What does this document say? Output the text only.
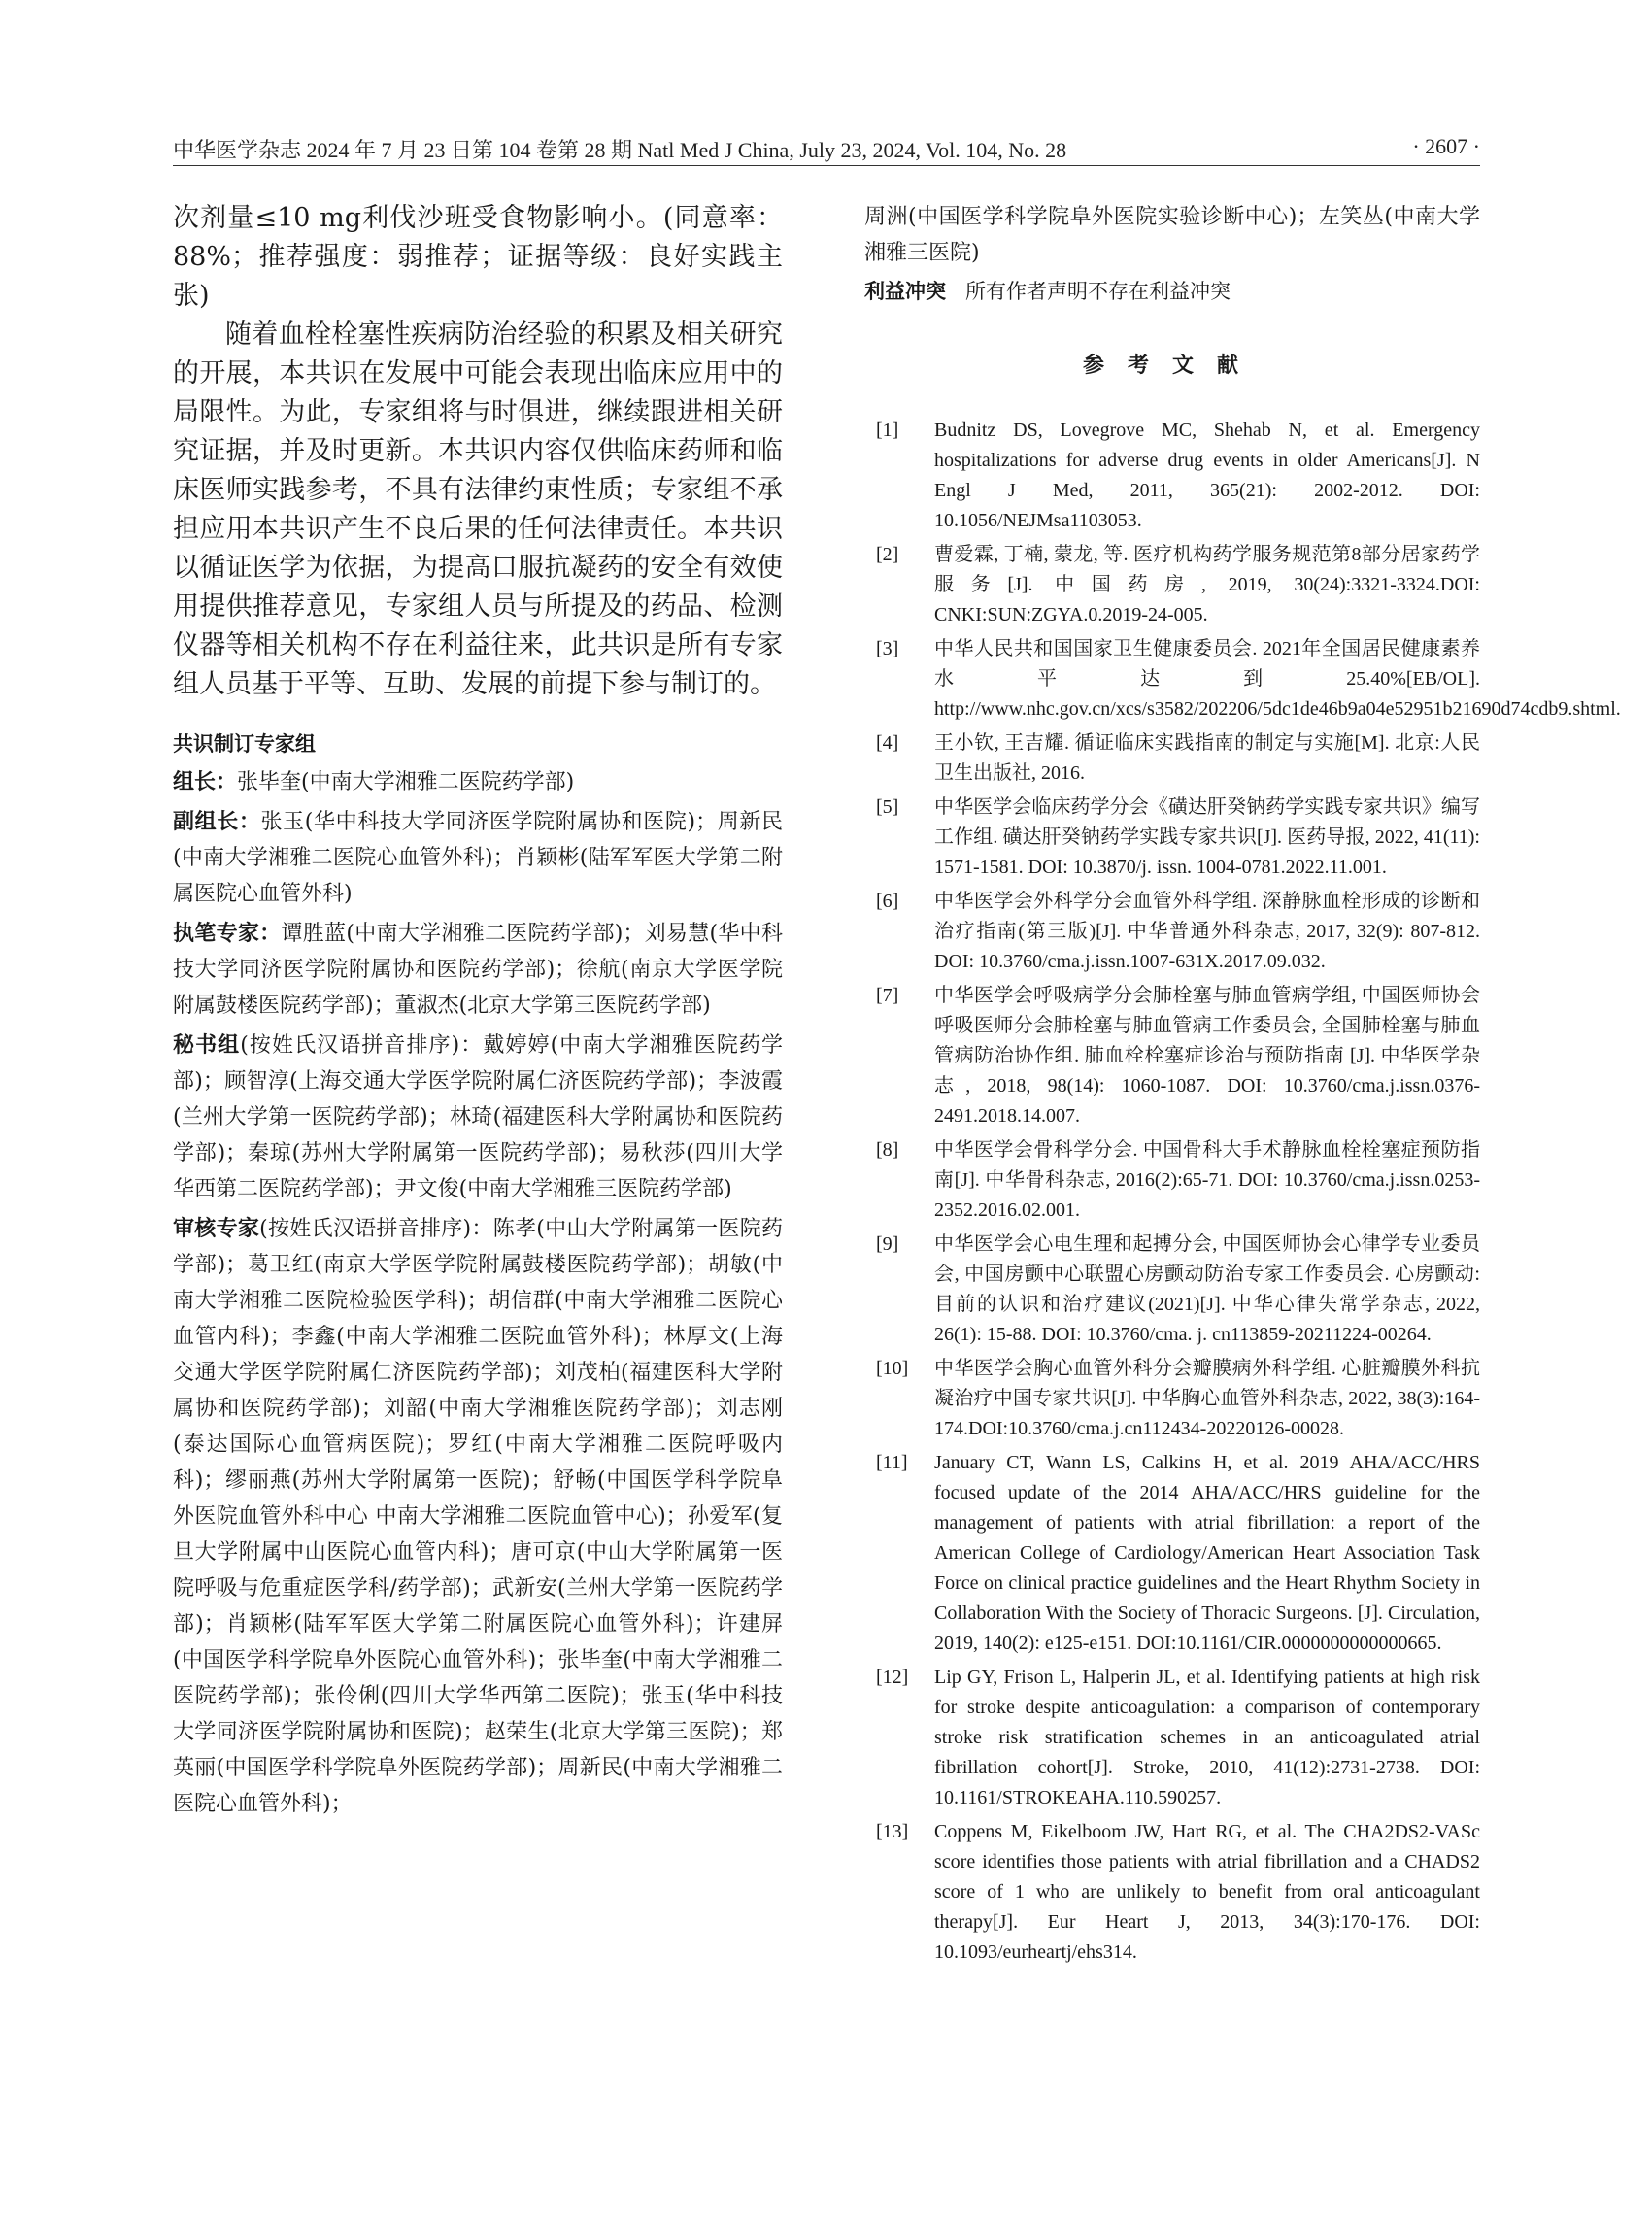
中华医学杂志 2024 年 7 月 23 日第 104 卷第 28 期 Natl Med J China, July 23, 2024, Vol. 104, No. 28	· 2607 ·

次剂量≤10 mg利伐沙班受食物影响小。(同意率：88%；推荐强度：弱推荐；证据等级：良好实践主张)

随着血栓栓塞性疾病防治经验的积累及相关研究的开展，本共识在发展中可能会表现出临床应用中的局限性。为此，专家组将与时俱进，继续跟进相关研究证据，并及时更新。本共识内容仅供临床药师和临床医师实践参考，不具有法律约束性质；专家组不承担应用本共识产生不良后果的任何法律责任。本共识以循证医学为依据，为提高口服抗凝药的安全有效使用提供推荐意见，专家组人员与所提及的药品、检测仪器等相关机构不存在利益往来，此共识是所有专家组人员基于平等、互助、发展的前提下参与制订的。

共识制订专家组

组长：张毕奎(中南大学湘雅二医院药学部)

副组长：张玉(华中科技大学同济医学院附属协和医院)；周新民(中南大学湘雅二医院心血管外科)；肖颖彬(陆军军医大学第二附属医院心血管外科)

执笔专家：谭胜蓝(中南大学湘雅二医院药学部)；刘易慧(华中科技大学同济医学院附属协和医院药学部)；徐航(南京大学医学院附属鼓楼医院药学部)；董淑杰(北京大学第三医院药学部)

秘书组(按姓氏汉语拼音排序)：戴婷婷(中南大学湘雅医院药学部)；顾智淳(上海交通大学医学院附属仁济医院药学部)；李波霞(兰州大学第一医院药学部)；林琦(福建医科大学附属协和医院药学部)；秦琼(苏州大学附属第一医院药学部)；易秋莎(四川大学华西第二医院药学部)；尹文俊(中南大学湘雅三医院药学部)

审核专家(按姓氏汉语拼音排序)：陈孝(中山大学附属第一医院药学部)；葛卫红(南京大学医学院附属鼓楼医院药学部)；胡敏(中南大学湘雅二医院检验医学科)；胡信群(中南大学湘雅二医院心血管内科)；李鑫(中南大学湘雅二医院血管外科)；林厚文(上海交通大学医学院附属仁济医院药学部)；刘茂柏(福建医科大学附属协和医院药学部)；刘韶(中南大学湘雅医院药学部)；刘志刚(泰达国际心血管病医院)；罗红(中南大学湘雅二医院呼吸内科)；缪丽燕(苏州大学附属第一医院)；舒畅(中国医学科学院阜外医院血管外科中心 中南大学湘雅二医院血管中心)；孙爱军(复旦大学附属中山医院心血管内科)；唐可京(中山大学附属第一医院呼吸与危重症医学科/药学部)；武新安(兰州大学第一医院药学部)；肖颖彬(陆军军医大学第二附属医院心血管外科)；许建屏(中国医学科学院阜外医院心血管外科)；张毕奎(中南大学湘雅二医院药学部)；张伶俐(四川大学华西第二医院)；张玉(华中科技大学同济医学院附属协和医院)；赵荣生(北京大学第三医院)；郑英丽(中国医学科学院阜外医院药学部)；周新民(中南大学湘雅二医院心血管外科)；

周洲(中国医学科学院阜外医院实验诊断中心)；左笑丛(中南大学湘雅三医院)

利益冲突 所有作者声明不存在利益冲突

参考文献

[1] Budnitz DS, Lovegrove MC, Shehab N, et al. Emergency hospitalizations for adverse drug events in older Americans[J]. N Engl J Med, 2011, 365(21): 2002-2012. DOI: 10.1056/NEJMsa1103053.
[2] 曹爱霖, 丁楠, 蒙龙, 等. 医疗机构药学服务规范第8部分居家药学服务[J]. 中国药房, 2019, 30(24):3321-3324.DOI: CNKI:SUN:ZGYA.0.2019-24-005.
[3] 中华人民共和国国家卫生健康委员会. 2021年全国居民健康素养水平达到25.40%[EB/OL]. http://www.nhc.gov.cn/xcs/s3582/202206/5dc1de46b9a04e52951b21690d74cdb9.shtml.
[4] 王小钦, 王吉耀. 循证临床实践指南的制定与实施[M]. 北京:人民卫生出版社, 2016.
[5] 中华医学会临床药学分会《磺达肝癸钠药学实践专家共识》编写工作组. 磺达肝癸钠药学实践专家共识[J]. 医药导报, 2022, 41(11): 1571-1581. DOI: 10.3870/j. issn. 1004-0781.2022.11.001.
[6] 中华医学会外科学分会血管外科学组. 深静脉血栓形成的诊断和治疗指南(第三版)[J]. 中华普通外科杂志, 2017, 32(9): 807-812. DOI: 10.3760/cma.j.issn.1007-631X.2017.09.032.
[7] 中华医学会呼吸病学分会肺栓塞与肺血管病学组, 中国医师协会呼吸医师分会肺栓塞与肺血管病工作委员会, 全国肺栓塞与肺血管病防治协作组. 肺血栓栓塞症诊治与预防指南 [J]. 中华医学杂志, 2018, 98(14): 1060-1087. DOI: 10.3760/cma.j.issn.0376-2491.2018.14.007.
[8] 中华医学会骨科学分会. 中国骨科大手术静脉血栓栓塞症预防指南[J]. 中华骨科杂志, 2016(2):65-71. DOI: 10.3760/cma.j.issn.0253-2352.2016.02.001.
[9] 中华医学会心电生理和起搏分会, 中国医师协会心律学专业委员会, 中国房颤中心联盟心房颤动防治专家工作委员会. 心房颤动:目前的认识和治疗建议(2021)[J]. 中华心律失常学杂志, 2022, 26(1): 15-88. DOI: 10.3760/cma. j. cn113859-20211224-00264.
[10] 中华医学会胸心血管外科分会瓣膜病外科学组. 心脏瓣膜外科抗凝治疗中国专家共识[J]. 中华胸心血管外科杂志, 2022, 38(3):164-174.DOI:10.3760/cma.j.cn112434-20220126-00028.
[11] January CT, Wann LS, Calkins H, et al. 2019 AHA/ACC/HRS focused update of the 2014 AHA/ACC/HRS guideline for the management of patients with atrial fibrillation: a report of the American College of Cardiology/American Heart Association Task Force on clinical practice guidelines and the Heart Rhythm Society in Collaboration With the Society of Thoracic Surgeons. [J]. Circulation, 2019, 140(2): e125-e151. DOI:10.1161/CIR.0000000000000665.
[12] Lip GY, Frison L, Halperin JL, et al. Identifying patients at high risk for stroke despite anticoagulation: a comparison of contemporary stroke risk stratification schemes in an anticoagulated atrial fibrillation cohort[J]. Stroke, 2010, 41(12):2731-2738. DOI: 10.1161/STROKEAHA.110.590257.
[13] Coppens M, Eikelboom JW, Hart RG, et al. The CHA2DS2-VASc score identifies those patients with atrial fibrillation and a CHADS2 score of 1 who are unlikely to benefit from oral anticoagulant therapy[J]. Eur Heart J, 2013, 34(3):170-176. DOI: 10.1093/eurheartj/ehs314.
